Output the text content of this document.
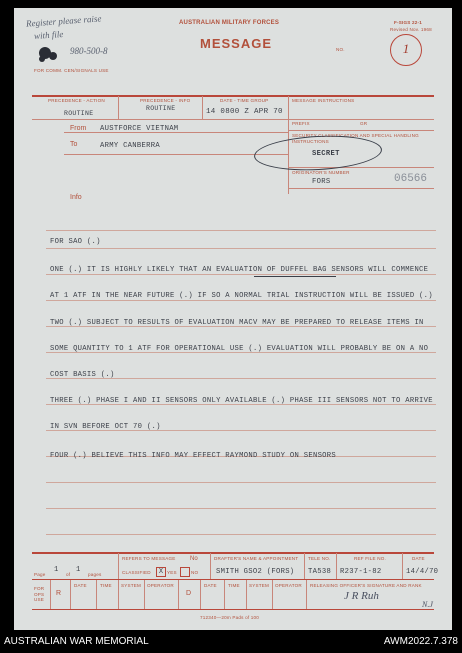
AUSTRALIAN MILITARY FORCES
MESSAGE
F-SIGS 22-1
Revised Nov. 1968
1
NO.
FOR COMM. CEN/SIGNALS USE
Register please raise
with file
980-500-8
PRECEDENCE - ACTION	PRECEDENCE - INFO	DATE - TIME GROUP	MESSAGE INSTRUCTIONS
ROUTINE
ROUTINE	14 0800 Z APR 70
PREFIX	GR
From AUSTFORCE VIETNAM
To	ARMY CANBERRA
Info
SECURITY CLASSIFICATION AND SPECIAL HANDLING INSTRUCTIONS
SECRET
ORIGINATOR'S NUMBER
FORS	06566
FOR SAO (.)
ONE (.) IT IS HIGHLY LIKELY THAT AN EVALUATION OF DUFFEL BAG SENSORS WILL COMMENCE
AT 1 ATF IN THE NEAR FUTURE (.) IF SO A NORMAL TRIAL INSTRUCTION WILL BE ISSUED (.)
TWO (.) SUBJECT TO RESULTS OF EVALUATION MACV MAY BE PREPARED TO RELEASE ITEMS IN
SOME QUANTITY TO 1 ATF FOR OPERATIONAL USE (.) EVALUATION WILL PROBABLY BE ON A NO
COST BASIS (.)
THREE (.) PHASE I AND II SENSORS ONLY AVAILABLE (.) PHASE III SENSORS NOT TO ARRIVE
IN SVN BEFORE OCT 70 (.)
FOUR (.) BELIEVE THIS INFO MAY EFFECT RAYMOND STUDY ON SENSORS
Page
1
of
1
pages
REFERS TO MESSAGE
CLASSIFIED	X YES	NO
No	DRAFTER'S NAME & APPOINTMENT
SMITH GSO2 (FORS)
TELE NO.
TA538
REF FILE NO.
R237-1-82
DATE
14/4/70
FOR OPS USE
R
DATE	TIME SYSTEM OPERATOR
D
DATE TIME SYSTEM OPERATOR RELEASING OFFICER'S SIGNATURE AND RANK
J R Ruh
N.J
712340—20m Pads of 100
AUSTRALIAN WAR MEMORIAL	AWM2022.7.378
